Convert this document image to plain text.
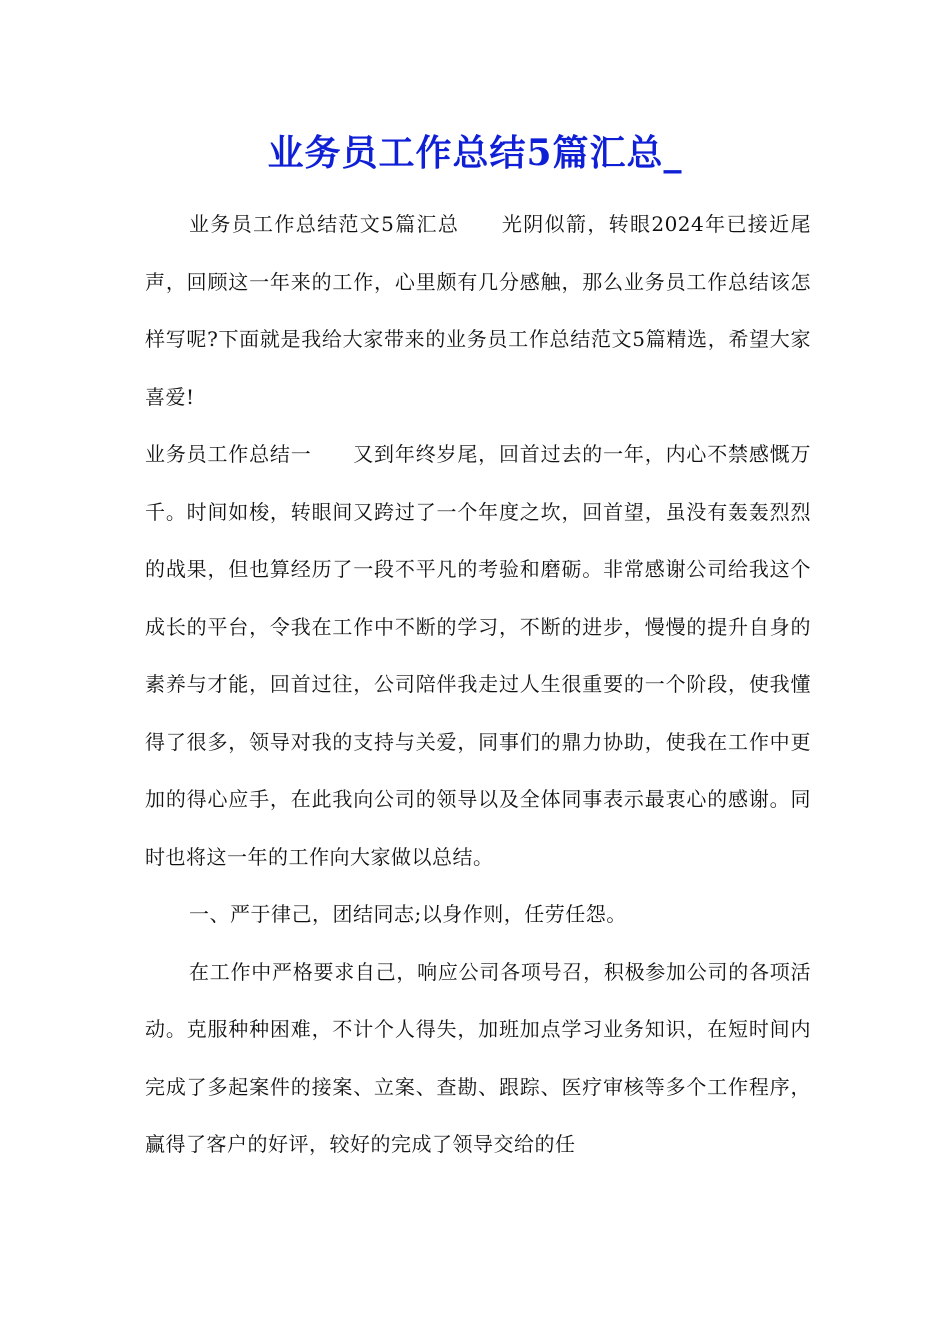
业务员工作总结5篇汇总_

业务员工作总结范文5篇汇总　　光阴似箭，转眼2024年已接近尾声，回顾这一年来的工作，心里颇有几分感触，那么业务员工作总结该怎样写呢?下面就是我给大家带来的业务员工作总结范文5篇精选，希望大家喜爱!

业务员工作总结一　　又到年终岁尾，回首过去的一年，内心不禁感慨万千。时间如梭，转眼间又跨过了一个年度之坎，回首望，虽没有轰轰烈烈的战果，但也算经历了一段不平凡的考验和磨砺。非常感谢公司给我这个成长的平台，令我在工作中不断的学习，不断的进步，慢慢的提升自身的素养与才能，回首过往，公司陪伴我走过人生很重要的一个阶段，使我懂得了很多，领导对我的支持与关爱，同事们的鼎力协助，使我在工作中更加的得心应手，在此我向公司的领导以及全体同事表示最衷心的感谢。同时也将这一年的工作向大家做以总结。

一、严于律己，团结同志;以身作则，任劳任怨。

在工作中严格要求自己，响应公司各项号召，积极参加公司的各项活动。克服种种困难，不计个人得失，加班加点学习业务知识，在短时间内完成了多起案件的接案、立案、查勘、跟踪、医疗审核等多个工作程序，赢得了客户的好评，较好的完成了领导交给的任
